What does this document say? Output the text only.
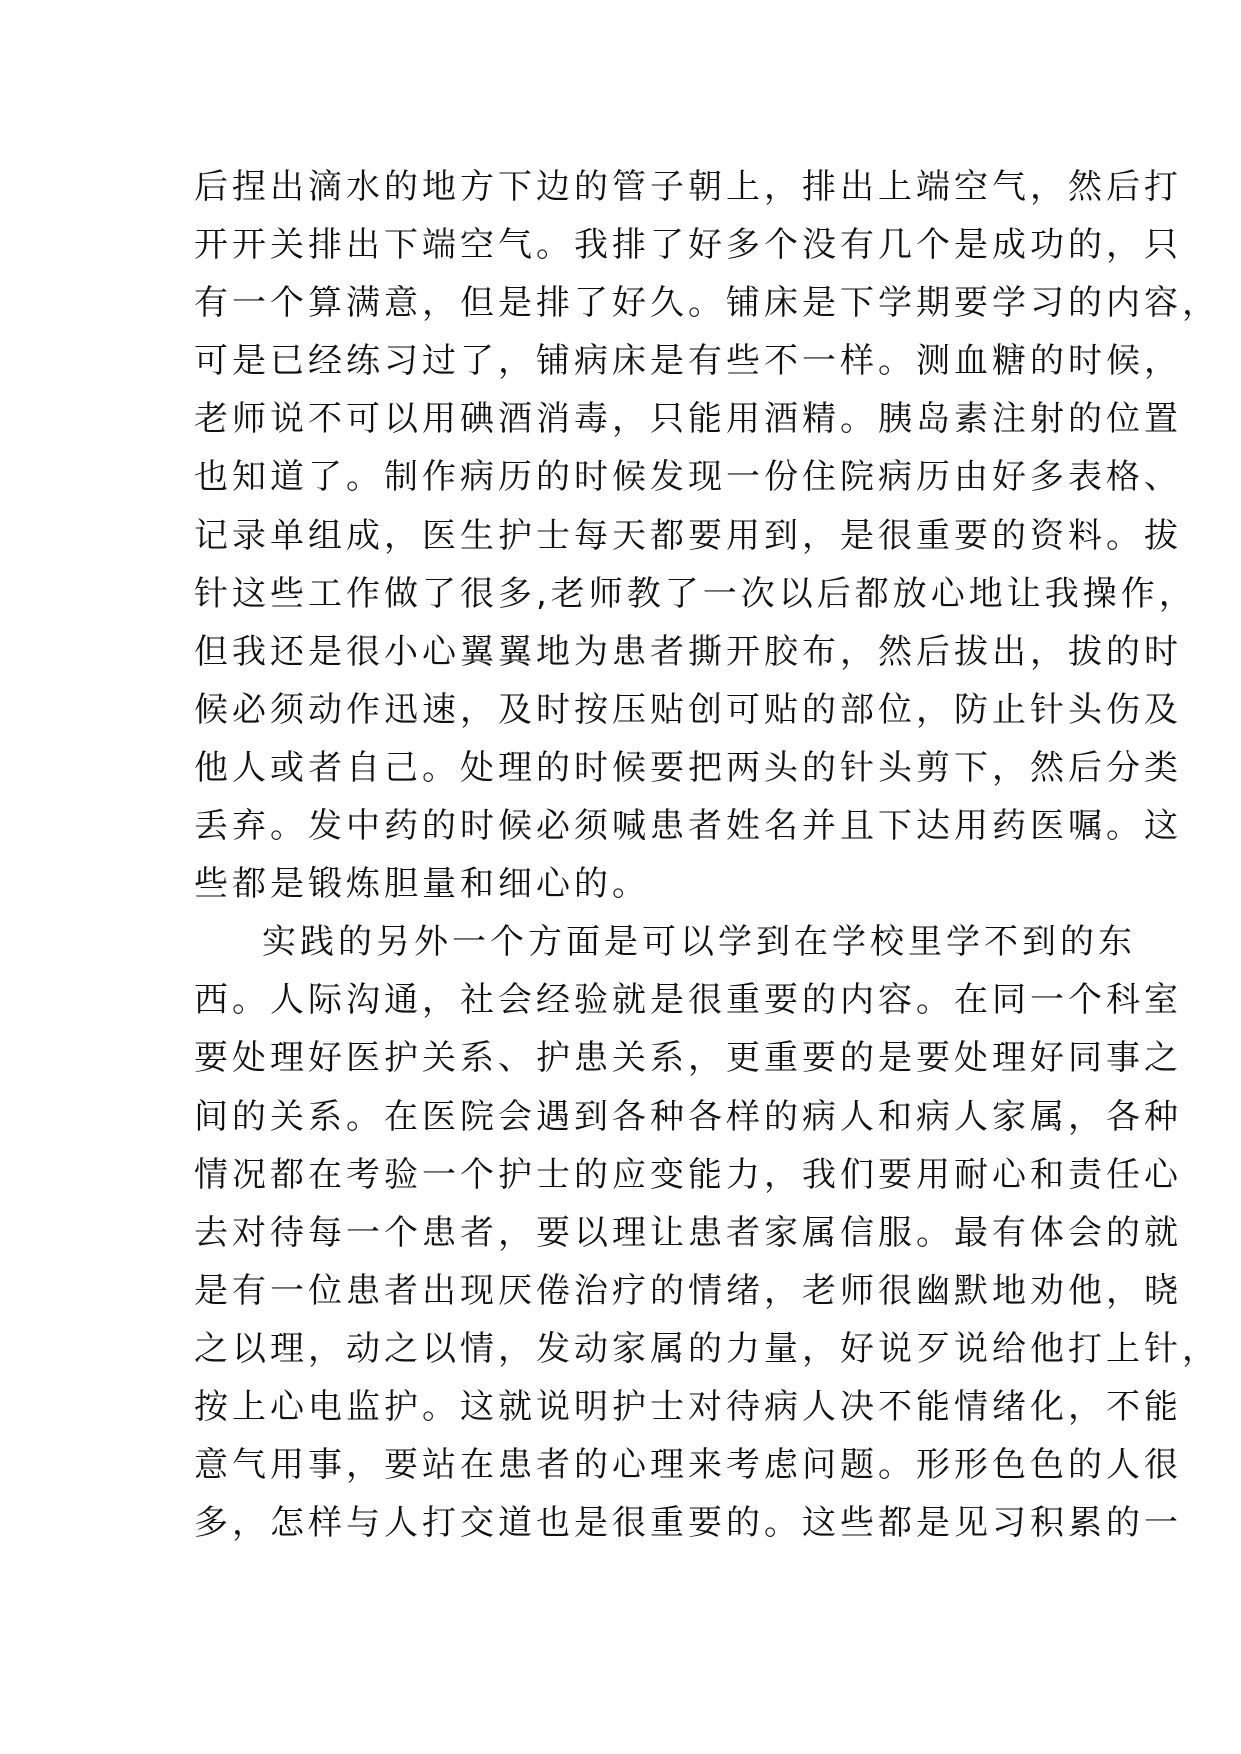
后捏出滴水的地方下边的管子朝上，排出上端空气，然后打
开开关排出下端空气。我排了好多个没有几个是成功的，只
有一个算满意，但是排了好久。铺床是下学期要学习的内容，
可是已经练习过了，铺病床是有些不一样。测血糖的时候，
老师说不可以用碘酒消毒，只能用酒精。胰岛素注射的位置
也知道了。制作病历的时候发现一份住院病历由好多表格、
记录单组成，医生护士每天都要用到，是很重要的资料。拔
针这些工作做了很多,老师教了一次以后都放心地让我操作，
但我还是很小心翼翼地为患者撕开胶布，然后拔出，拔的时
候必须动作迅速，及时按压贴创可贴的部位，防止针头伤及
他人或者自己。处理的时候要把两头的针头剪下，然后分类
丢弃。发中药的时候必须喊患者姓名并且下达用药医嘱。这
些都是锻炼胆量和细心的。
实践的另外一个方面是可以学到在学校里学不到的东
西。人际沟通，社会经验就是很重要的内容。在同一个科室
要处理好医护关系、护患关系，更重要的是要处理好同事之
间的关系。在医院会遇到各种各样的病人和病人家属，各种
情况都在考验一个护士的应变能力，我们要用耐心和责任心
去对待每一个患者，要以理让患者家属信服。最有体会的就
是有一位患者出现厌倦治疗的情绪，老师很幽默地劝他，晓
之以理，动之以情，发动家属的力量，好说歹说给他打上针，
按上心电监护。这就说明护士对待病人决不能情绪化，不能
意气用事，要站在患者的心理来考虑问题。形形色色的人很
多，怎样与人打交道也是很重要的。这些都是见习积累的一
